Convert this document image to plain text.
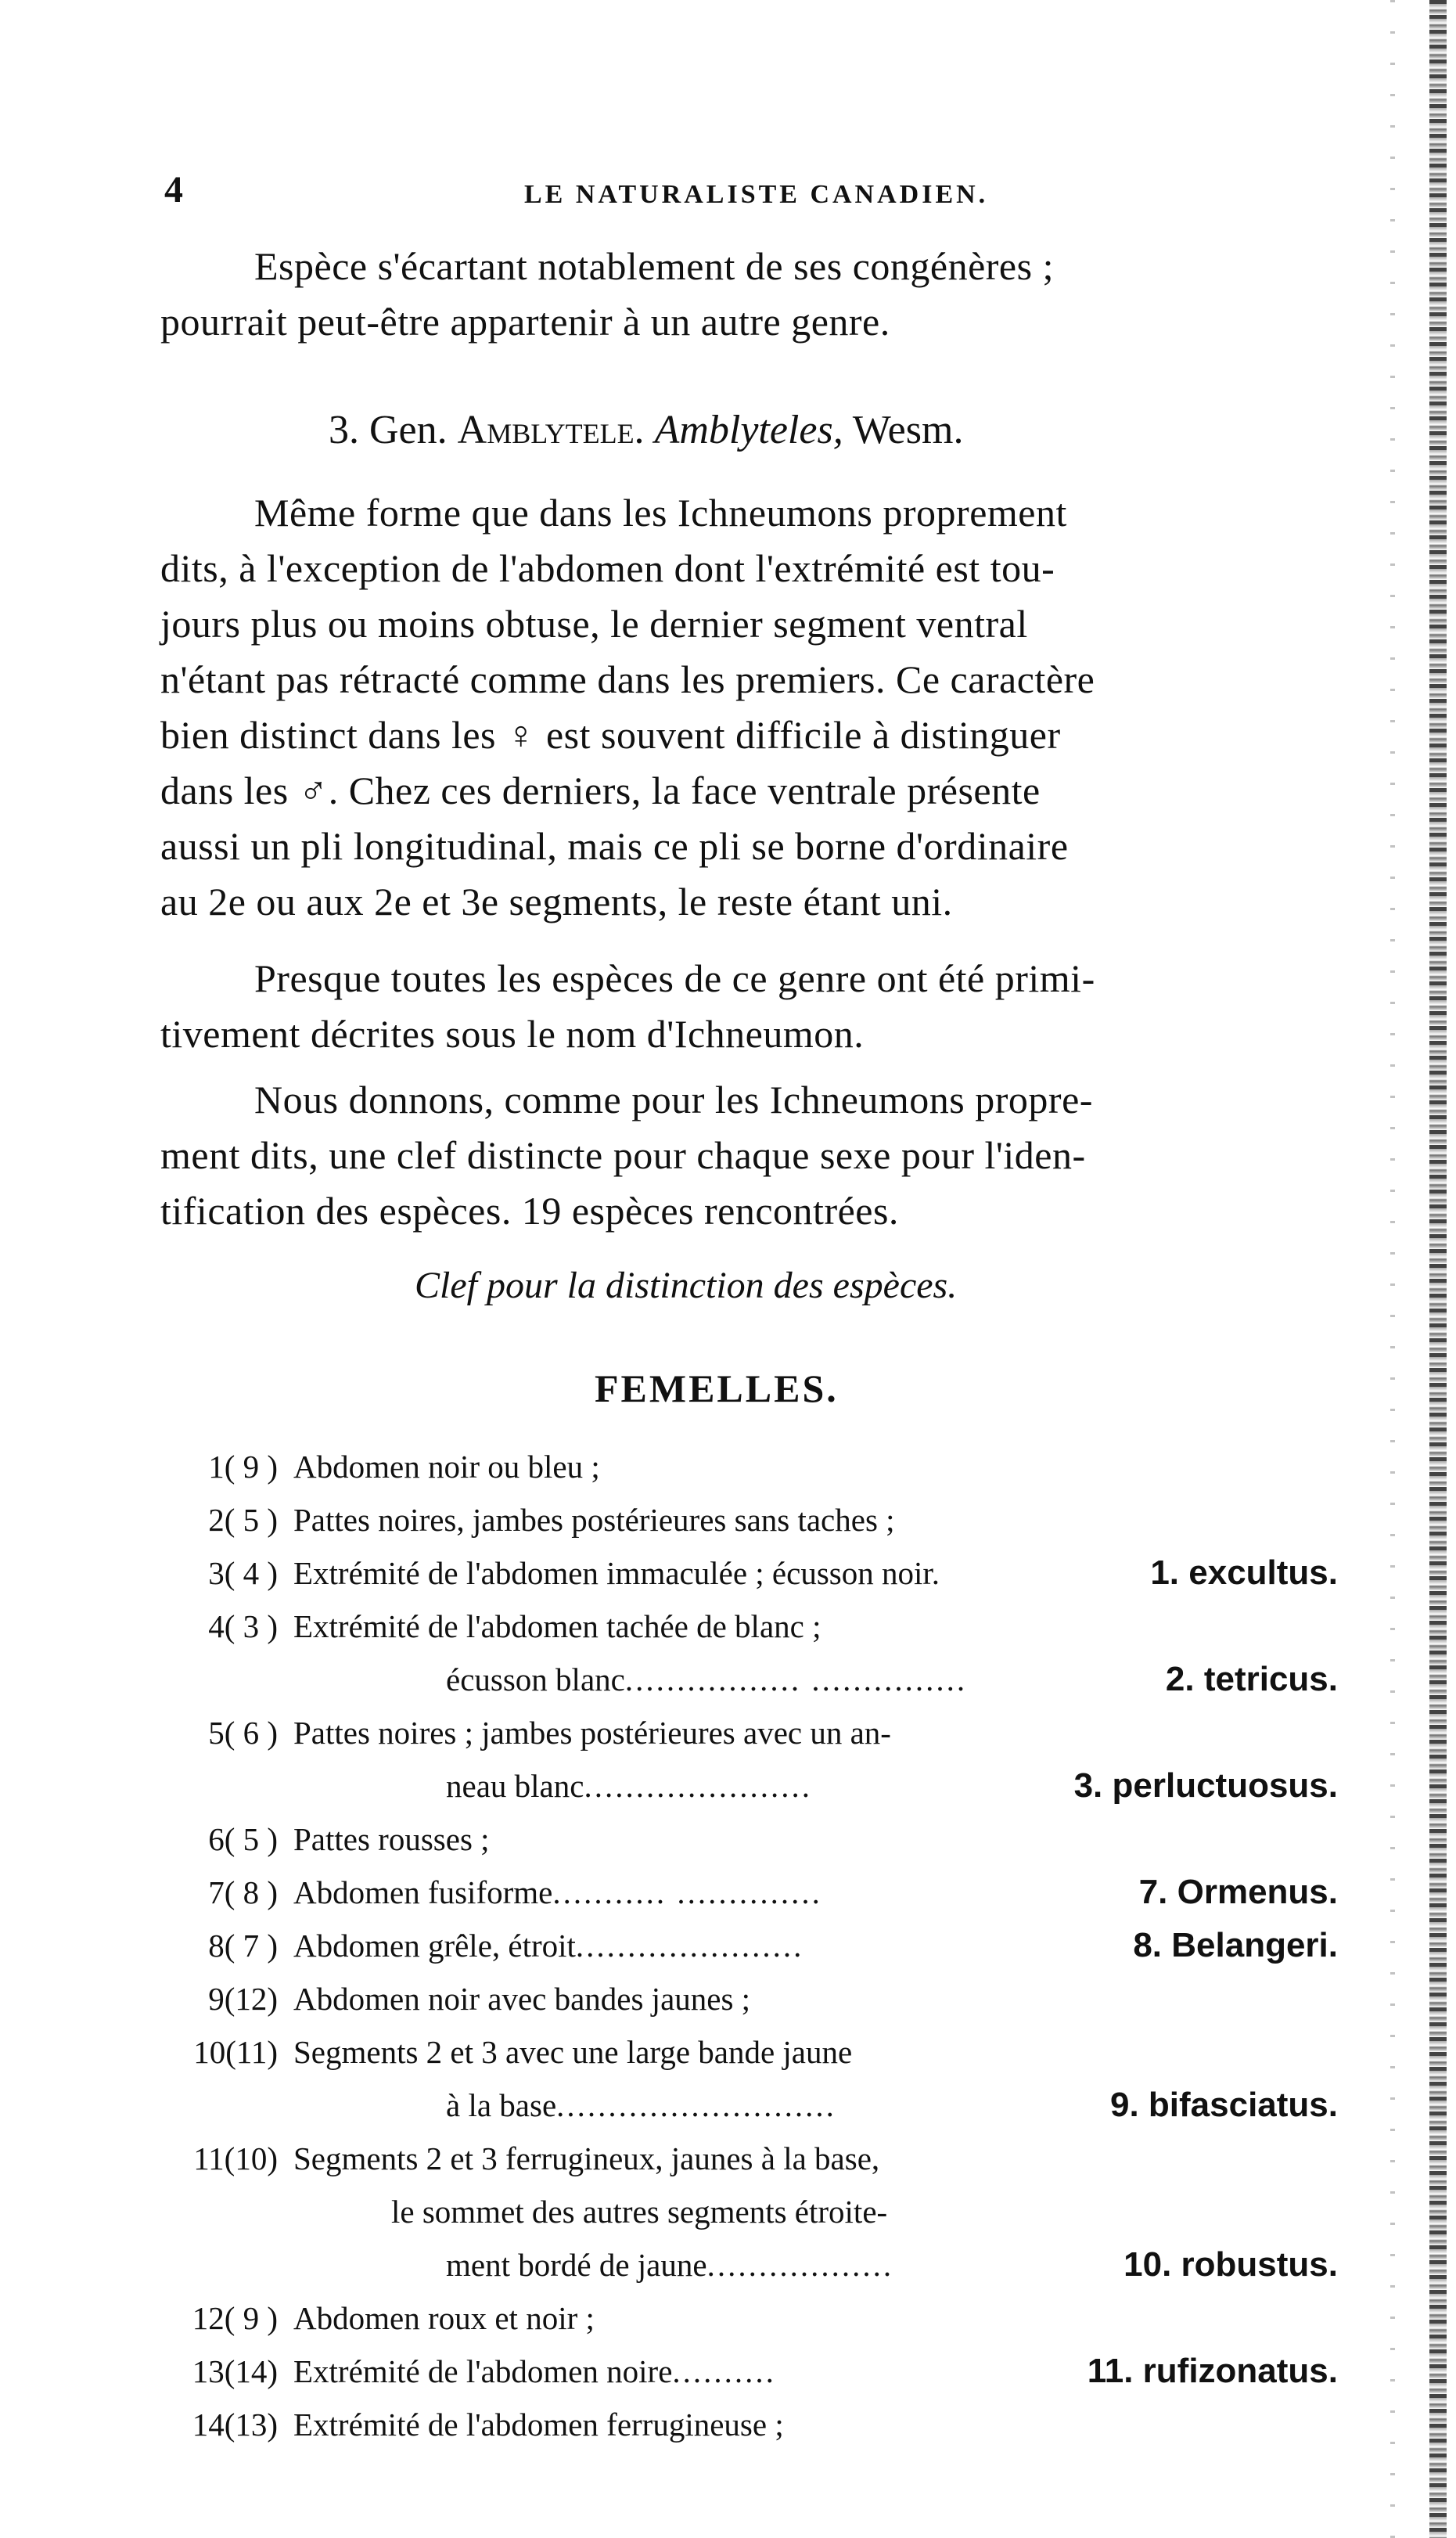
4	LE NATURALISTE CANADIEN.
Espèce s'écartant notablement de ses congénères ;
pourrait peut-être appartenir à un autre genre.
3. Gen. Amblytele. Amblyteles, Wesm.
Même forme que dans les Ichneumons proprement
dits, à l'exception de l'abdomen dont l'extrémité est tou-
jours plus ou moins obtuse, le dernier segment ventral
n'étant pas rétracté comme dans les premiers. Ce caractère
bien distinct dans les ♀ est souvent difficile à distinguer
dans les ♂. Chez ces derniers, la face ventrale présente
aussi un pli longitudinal, mais ce pli se borne d'ordinaire
au 2e ou aux 2e et 3e segments, le reste étant uni.
Presque toutes les espèces de ce genre ont été primi-
tivement décrites sous le nom d'Ichneumon.
Nous donnons, comme pour les Ichneumons propre-
ment dits, une clef distincte pour chaque sexe pour l'iden-
tification des espèces. 19 espèces rencontrées.
Clef pour la distinction des espèces.
FEMELLES.
1( 9 ) Abdomen noir ou bleu ;
2( 5 ) Pattes noires, jambes postérieures sans taches ;
3( 4 ) Extrémité de l'abdomen immaculée ; écusson noir.	1. excultus.
4( 3 ) Extrémité de l'abdomen tachée de blanc ;
écusson blanc................. ...............	2. tetricus.
5( 6 ) Pattes noires ; jambes postérieures avec un an-
neau blanc......................	3. perluctuosus.
6( 5 ) Pattes rousses ;
7( 8 ) Abdomen fusiforme........... ..............	7. Ormenus.
8( 7 ) Abdomen grêle, étroit......................	8. Belangeri.
9(12) Abdomen noir avec bandes jaunes ;
10(11) Segments 2 et 3 avec une large bande jaune
à la base...........................	9. bifasciatus.
11(10) Segments 2 et 3 ferrugineux, jaunes à la base,
le sommet des autres segments étroite-
ment bordé de jaune..................	10. robustus.
12( 9 ) Abdomen roux et noir ;
13(14) Extrémité de l'abdomen noire..........	11. rufizonatus.
14(13) Extrémité de l'abdomen ferrugineuse ;
